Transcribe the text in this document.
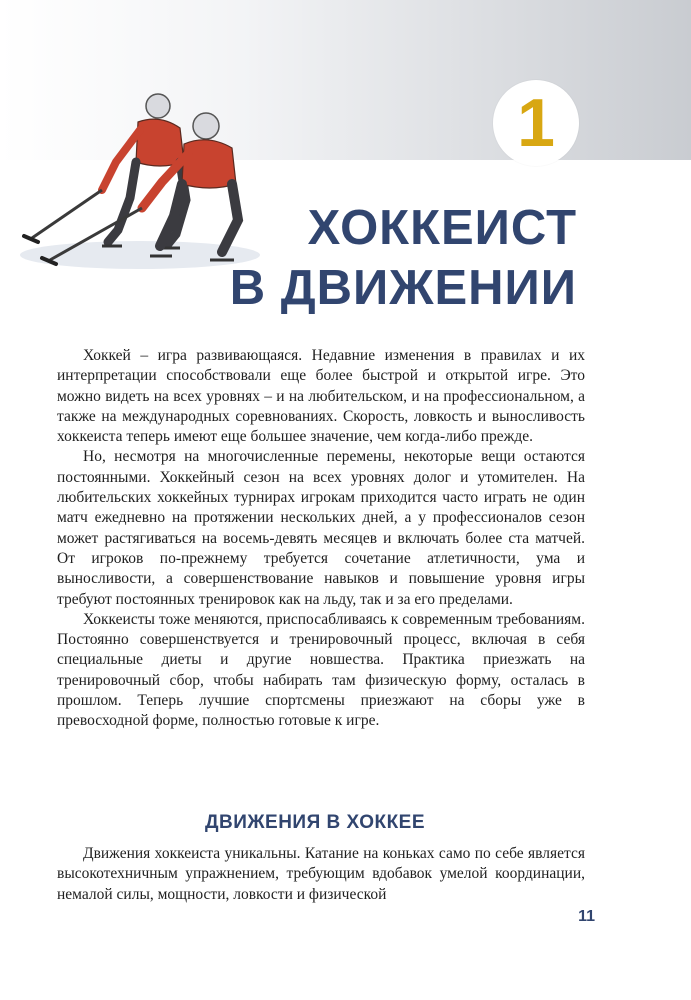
1
ХОККЕИСТ
В ДВИЖЕНИИ

Хоккей – игра развивающаяся. Недавние изменения в правилах и их интерпретации способствовали еще более быстрой и открытой игре. Это можно видеть на всех уровнях – и на любительском, и на профессиональном, а также на международных соревнованиях. Скорость, ловкость и выносливость хоккеиста теперь имеют еще большее значение, чем когда-либо прежде.

Но, несмотря на многочисленные перемены, некоторые вещи остаются постоянными. Хоккейный сезон на всех уровнях долог и утомителен. На любительских хоккейных турнирах игрокам приходится часто играть не один матч ежедневно на протяжении нескольких дней, а у профессионалов сезон может растягиваться на восемь-девять месяцев и включать более ста матчей. От игроков по-прежнему требуется сочетание атлетичности, ума и выносливости, а совершенствование навыков и повышение уровня игры требуют постоянных тренировок как на льду, так и за его пределами.

Хоккеисты тоже меняются, приспосабливаясь к современным требованиям. Постоянно совершенствуется и тренировочный процесс, включая в себя специальные диеты и другие новшества. Практика приезжать на тренировочный сбор, чтобы набирать там физическую форму, осталась в прошлом. Теперь лучшие спортсмены приезжают на сборы уже в превосходной форме, полностью готовые к игре.

ДВИЖЕНИЯ В ХОККЕЕ

Движения хоккеиста уникальны. Катание на коньках само по себе является высокотехничным упражнением, требующим вдобавок умелой координации, немалой силы, мощности, ловкости и физической

11
